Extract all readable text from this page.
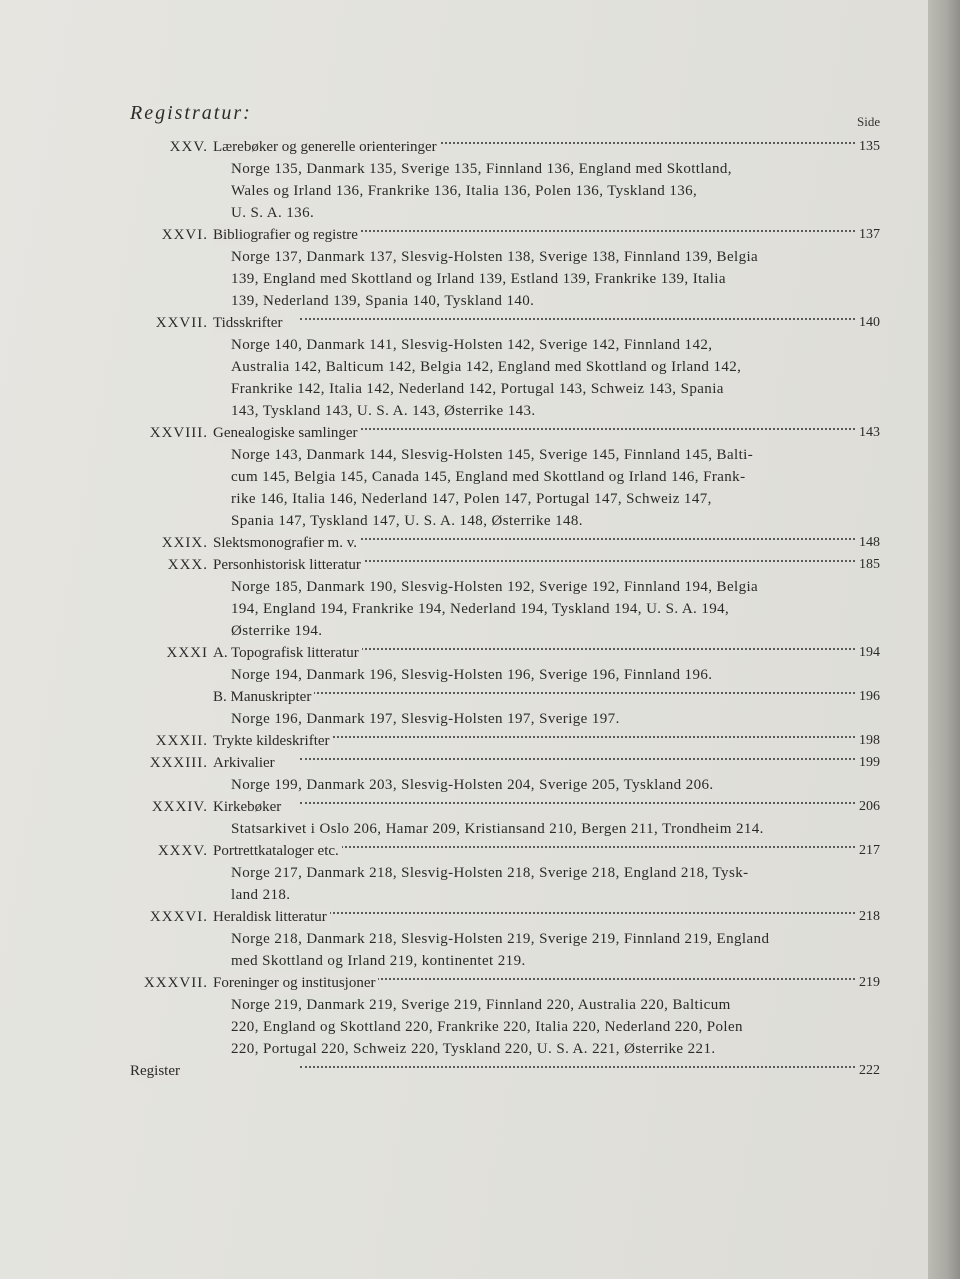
Registratur:	Side
XXV. Lærebøker og generelle orienteringer	135
Norge 135, Danmark 135, Sverige 135, Finnland 136, England med Skottland,
Wales og Irland 136, Frankrike 136, Italia 136, Polen 136, Tyskland 136,
U. S. A. 136.
XXVI. Bibliografier og registre	137
Norge 137, Danmark 137, Slesvig-Holsten 138, Sverige 138, Finnland 139, Belgia
139, England med Skottland og Irland 139, Estland 139, Frankrike 139, Italia
139, Nederland 139, Spania 140, Tyskland 140.
XXVII. Tidsskrifter	140
Norge 140, Danmark 141, Slesvig-Holsten 142, Sverige 142, Finnland 142,
Australia 142, Balticum 142, Belgia 142, England med Skottland og Irland 142,
Frankrike 142, Italia 142, Nederland 142, Portugal 143, Schweiz 143, Spania
143, Tyskland 143, U. S. A. 143, Østerrike 143.
XXVIII. Genealogiske samlinger	143
Norge 143, Danmark 144, Slesvig-Holsten 145, Sverige 145, Finnland 145, Balti-
cum 145, Belgia 145, Canada 145, England med Skottland og Irland 146, Frank-
rike 146, Italia 146, Nederland 147, Polen 147, Portugal 147, Schweiz 147,
Spania 147, Tyskland 147, U. S. A. 148, Østerrike 148.
XXIX. Slektsmonografier m. v.	148
XXX. Personhistorisk litteratur	185
Norge 185, Danmark 190, Slesvig-Holsten 192, Sverige 192, Finnland 194, Belgia
194, England 194, Frankrike 194, Nederland 194, Tyskland 194, U. S. A. 194,
Østerrike 194.
XXXI A. Topografisk litteratur	194
Norge 194, Danmark 196, Slesvig-Holsten 196, Sverige 196, Finnland 196.
B. Manuskripter	196
Norge 196, Danmark 197, Slesvig-Holsten 197, Sverige 197.
XXXII. Trykte kildeskrifter	198
XXXIII. Arkivalier	199
Norge 199, Danmark 203, Slesvig-Holsten 204, Sverige 205, Tyskland 206.
XXXIV. Kirkebøker	206
Statsarkivet i Oslo 206, Hamar 209, Kristiansand 210, Bergen 211, Trondheim 214.
XXXV. Portrettkataloger etc.	217
Norge 217, Danmark 218, Slesvig-Holsten 218, Sverige 218, England 218, Tysk-
land 218.
XXXVI. Heraldisk litteratur	218
Norge 218, Danmark 218, Slesvig-Holsten 219, Sverige 219, Finnland 219, England
med Skottland og Irland 219, kontinentet 219.
XXXVII. Foreninger og institusjoner	219
Norge 219, Danmark 219, Sverige 219, Finnland 220, Australia 220, Balticum
220, England og Skottland 220, Frankrike 220, Italia 220, Nederland 220, Polen
220, Portugal 220, Schweiz 220, Tyskland 220, U. S. A. 221, Østerrike 221.
Register	222
